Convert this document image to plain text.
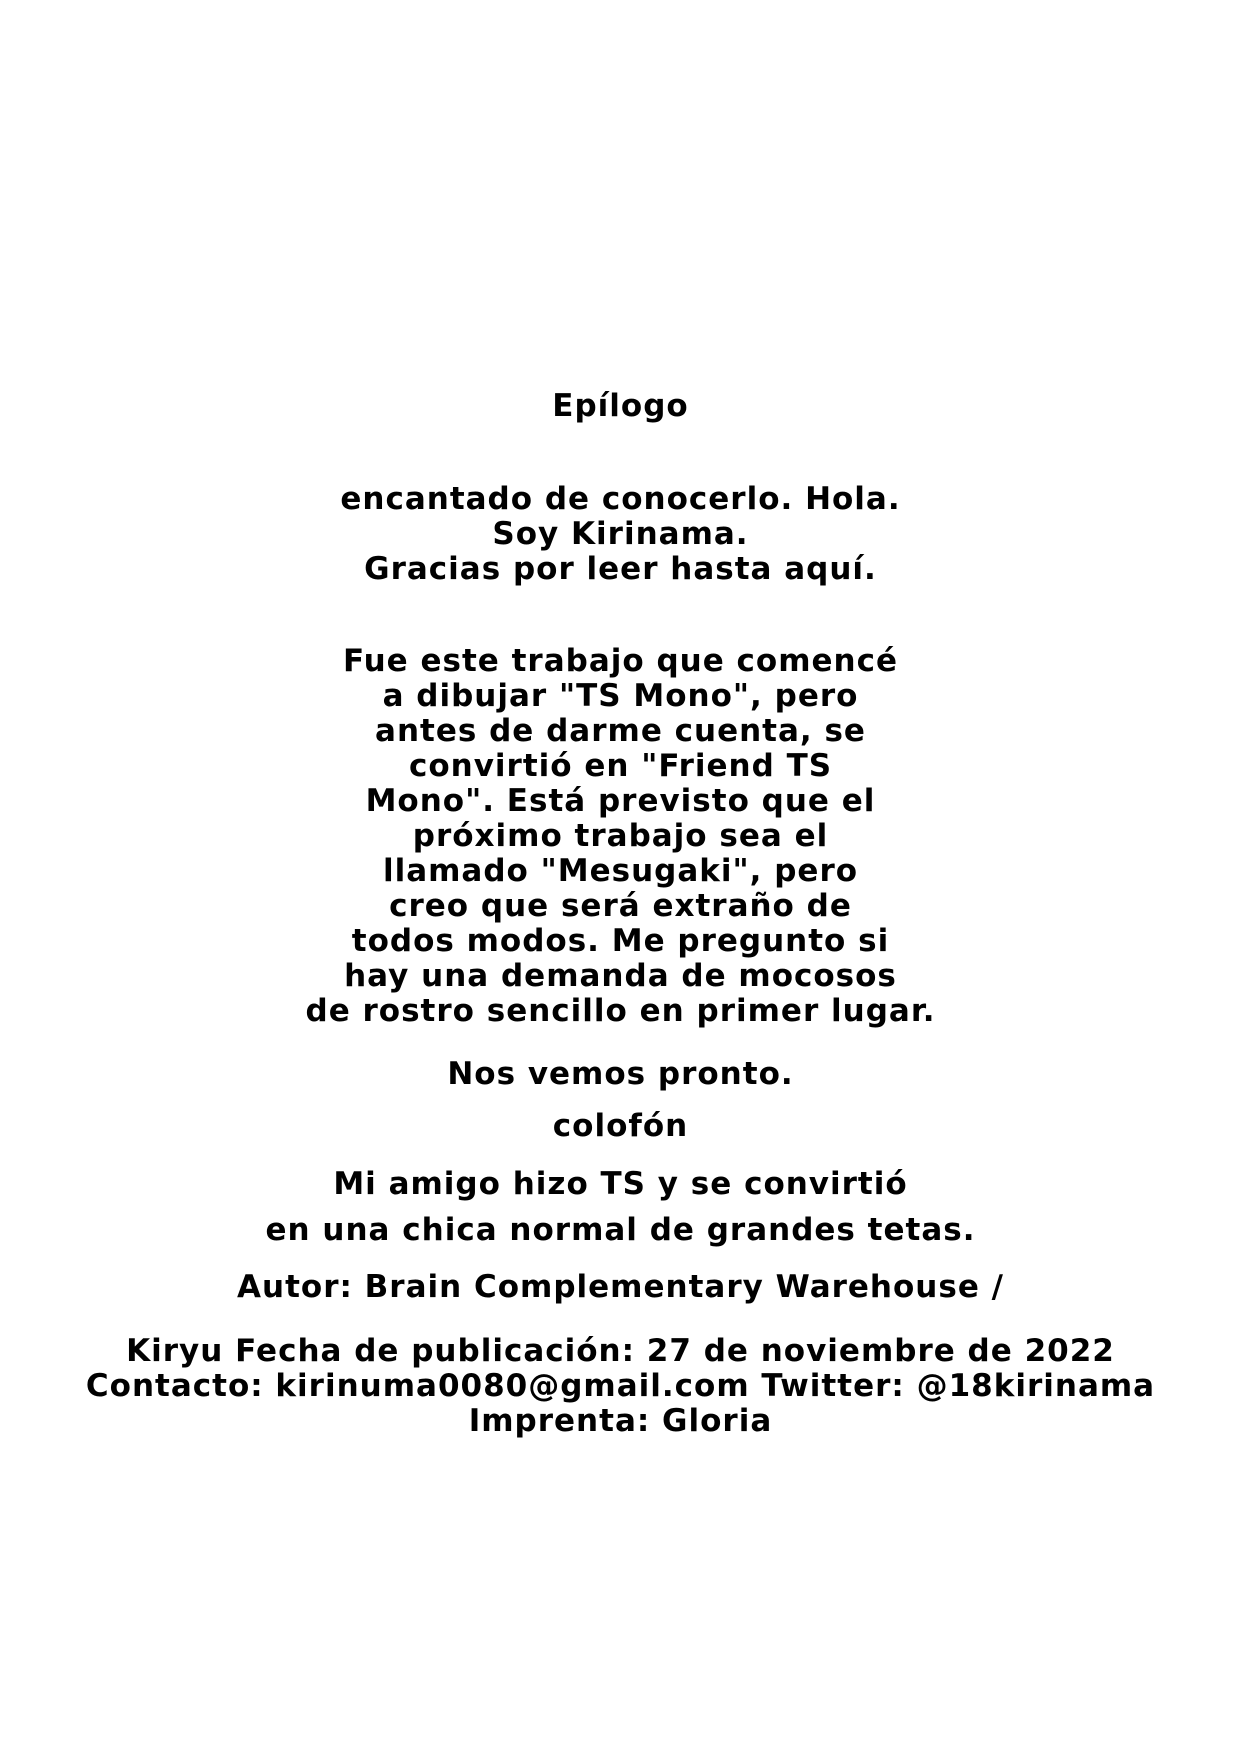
Epílogo
encantado de conocerlo. Hola.
Soy Kirinama.
Gracias por leer hasta aquí.
Fue este trabajo que comencé
a dibujar "TS Mono", pero
antes de darme cuenta, se
convirtió en "Friend TS
Mono". Está previsto que el
próximo trabajo sea el
llamado "Mesugaki", pero
creo que será extraño de
todos modos. Me pregunto si
hay una demanda de mocosos
de rostro sencillo en primer lugar.
Nos vemos pronto.
colofón
Mi amigo hizo TS y se convirtió
en una chica normal de grandes tetas.
Autor: Brain Complementary Warehouse /
Kiryu Fecha de publicación: 27 de noviembre de 2022
Contacto: kirinuma0080@gmail.com Twitter: @18kirinama
Imprenta: Gloria
